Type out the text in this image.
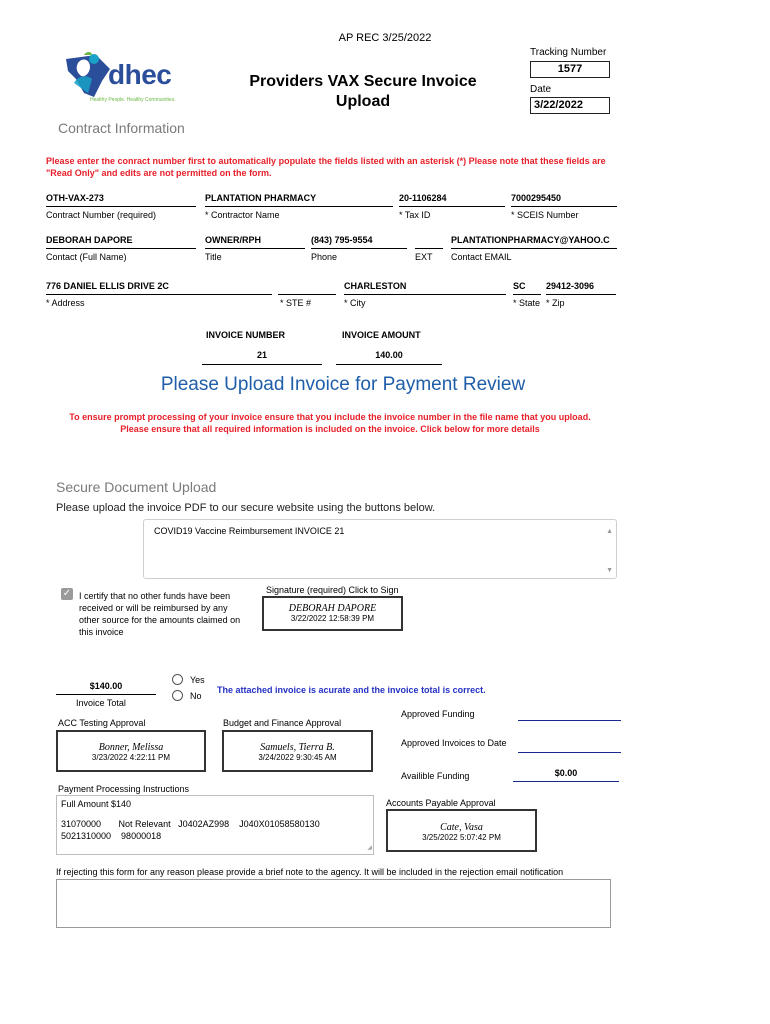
AP REC 3/25/2022
dhec
Healthy People. Healthy Communities.
Providers VAX Secure Invoice
Upload
Tracking Number
1577
Date
3/22/2022
Contract Information
Please enter the conract number first to automatically populate the fields listed with an asterisk (*) Please note that these fields are "Read Only" and edits are not permitted on the form.
OTH-VAX-273
Contract Number (required)
PLANTATION PHARMACY
* Contractor Name
20-1106284
* Tax ID
7000295450
* SCEIS Number
DEBORAH DAPORE
Contact (Full Name)
OWNER/RPH
Title
(843) 795-9554
Phone	EXT
PLANTATIONPHARMACY@YAHOO.C
Contact EMAIL
776 DANIEL ELLIS DRIVE 2C
* Address	* STE #
CHARLESTON
* City
SC
* State
29412-3096
* Zip
INVOICE NUMBER
21
INVOICE AMOUNT
140.00
Please Upload Invoice for Payment Review
To ensure prompt processing of your invoice ensure that you include the invoice number in the file name that you upload.
Please ensure that all required information is included on the invoice. Click below for more details
Secure Document Upload
Please upload the invoice PDF to our secure website using the buttons below.
COVID19 Vaccine Reimbursement INVOICE 21	▲
▼
✓ I certify that no other funds have been
received or will be reimbursed by any
other source for the amounts claimed on
this invoice
Signature (required) Click to Sign
DEBORAH DAPORE
3/22/2022 12:58:39 PM
$140.00
Invoice Total
Yes
No
The attached invoice is acurate and the invoice total is correct.
ACC Testing Approval
Bonner, Melissa
3/23/2022 4:22:11 PM
Budget and Finance Approval
Samuels, Tierra B.
3/24/2022 9:30:45 AM
Approved Funding
Approved Invoices to Date
Availible Funding	$0.00
Accounts Payable Approval
Cate, Vasa
3/25/2022 5:07:42 PM
Payment Processing Instructions
Full Amount $140
31070000       Not Relevant   J0402AZ998    J040X01058580130
5021310000    98000018
◢
If rejecting this form for any reason please provide a brief note to the agency. It will be included in the rejection email notification
